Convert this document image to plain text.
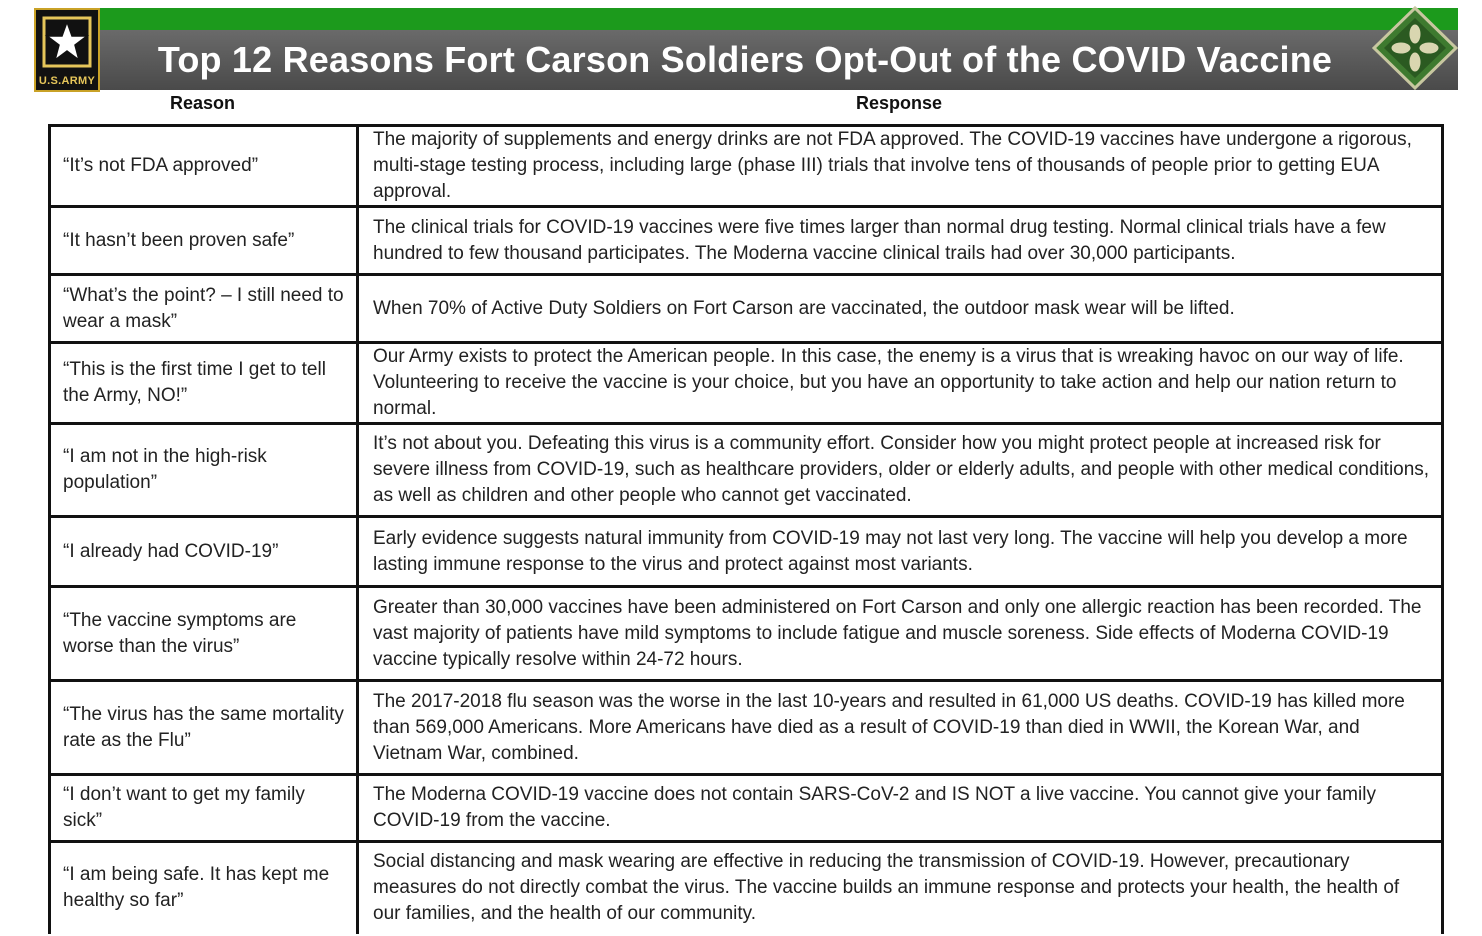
Top 12 Reasons Fort Carson Soldiers Opt-Out of the COVID Vaccine
U.S.ARMY
Reason	Response
“It’s not FDA approved”	The majority of supplements and energy drinks are not FDA approved. The COVID-19 vaccines have undergone a rigorous, multi-stage testing process, including large (phase III) trials that involve tens of thousands of people prior to getting EUA approval.
“It hasn’t been proven safe”	The clinical trials for COVID-19 vaccines were five times larger than normal drug testing. Normal clinical trials have a few hundred to few thousand participates. The Moderna vaccine clinical trails had over 30,000 participants.
“What’s the point? – I still need to wear a mask”	When 70% of Active Duty Soldiers on Fort Carson are vaccinated, the outdoor mask wear will be lifted.
“This is the first time I get to tell the Army, NO!”	Our Army exists to protect the American people. In this case, the enemy is a virus that is wreaking havoc on our way of life. Volunteering to receive the vaccine is your choice, but you have an opportunity to take action and help our nation return to normal.
“I am not in the high-risk population”	It’s not about you. Defeating this virus is a community effort. Consider how you might protect people at increased risk for severe illness from COVID-19, such as healthcare providers, older or elderly adults, and people with other medical conditions, as well as children and other people who cannot get vaccinated.
“I already had COVID-19”	Early evidence suggests natural immunity from COVID-19 may not last very long. The vaccine will help you develop a more lasting immune response to the virus and protect against most variants.
“The vaccine symptoms are worse than the virus”	Greater than 30,000 vaccines have been administered on Fort Carson and only one allergic reaction has been recorded. The vast majority of patients have mild symptoms to include fatigue and muscle soreness. Side effects of Moderna COVID-19 vaccine typically resolve within 24-72 hours.
“The virus has the same mortality rate as the Flu”	The 2017-2018 flu season was the worse in the last 10-years and resulted in 61,000 US deaths. COVID-19 has killed more than 569,000 Americans. More Americans have died as a result of COVID-19 than died in WWII, the Korean War, and Vietnam War, combined.
“I don’t want to get my family sick”	The Moderna COVID-19 vaccine does not contain SARS-CoV-2 and IS NOT a live vaccine. You cannot give your family COVID-19 from the vaccine.
“I am being safe. It has kept me healthy so far”	Social distancing and mask wearing are effective in reducing the transmission of COVID-19. However, precautionary measures do not directly combat the virus. The vaccine builds an immune response and protects your health, the health of our families, and the health of our community.
